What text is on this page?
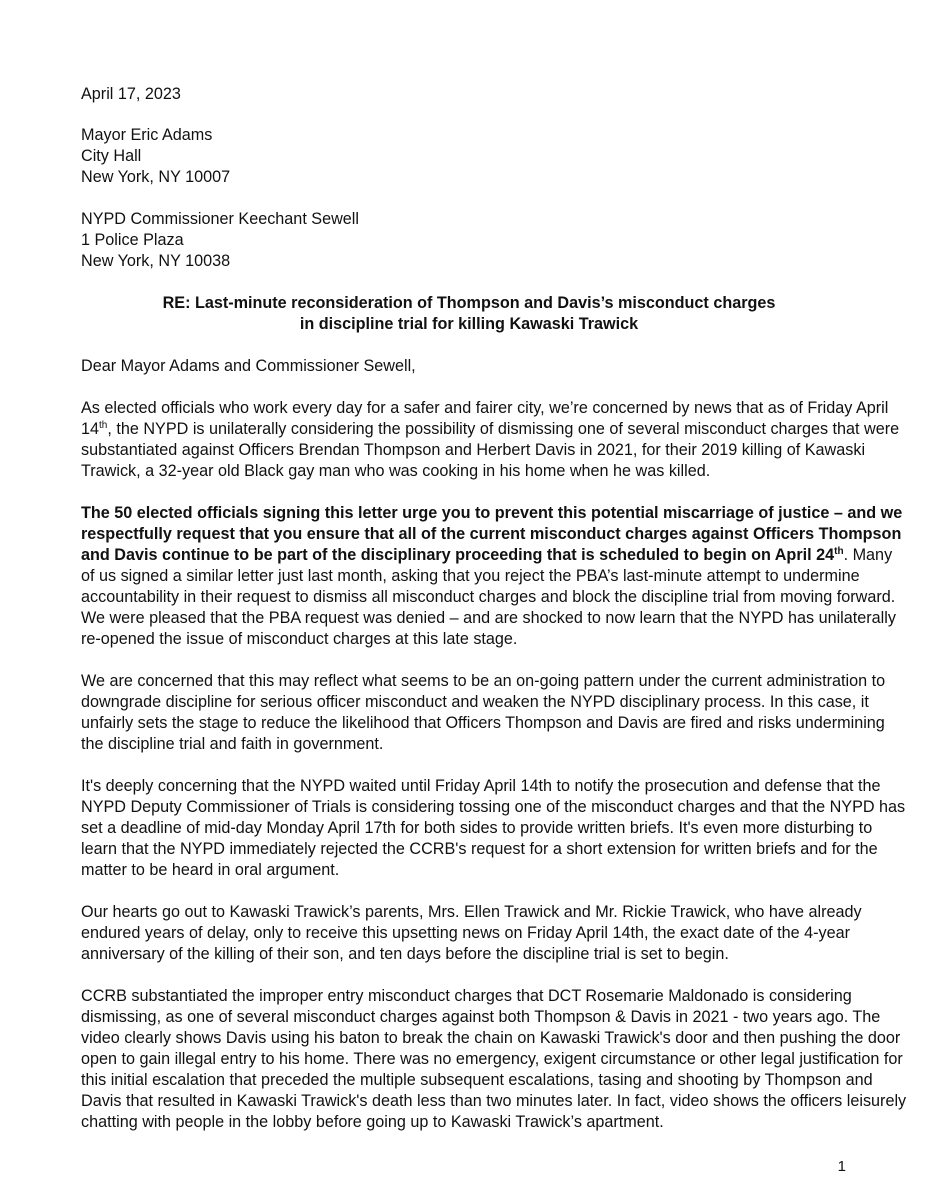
April 17, 2023
Mayor Eric Adams
City Hall
New York, NY 10007
NYPD Commissioner Keechant Sewell
1 Police Plaza
New York, NY 10038
RE: Last-minute reconsideration of Thompson and Davis’s misconduct charges
in discipline trial for killing Kawaski Trawick
Dear Mayor Adams and Commissioner Sewell,
As elected officials who work every day for a safer and fairer city, we’re concerned by news that as of Friday April
14th, the NYPD is unilaterally considering the possibility of dismissing one of several misconduct charges that were
substantiated against Officers Brendan Thompson and Herbert Davis in 2021, for their 2019 killing of Kawaski
Trawick, a 32-year old Black gay man who was cooking in his home when he was killed.
The 50 elected officials signing this letter urge you to prevent this potential miscarriage of justice – and we
respectfully request that you ensure that all of the current misconduct charges against Officers Thompson
and Davis continue to be part of the disciplinary proceeding that is scheduled to begin on April 24th. Many
of us signed a similar letter just last month, asking that you reject the PBA’s last-minute attempt to undermine
accountability in their request to dismiss all misconduct charges and block the discipline trial from moving forward.
We were pleased that the PBA request was denied – and are shocked to now learn that the NYPD has unilaterally
re-opened the issue of misconduct charges at this late stage.
We are concerned that this may reflect what seems to be an on-going pattern under the current administration to
downgrade discipline for serious officer misconduct and weaken the NYPD disciplinary process. In this case, it
unfairly sets the stage to reduce the likelihood that Officers Thompson and Davis are fired and risks undermining
the discipline trial and faith in government.
It's deeply concerning that the NYPD waited until Friday April 14th to notify the prosecution and defense that the
NYPD Deputy Commissioner of Trials is considering tossing one of the misconduct charges and that the NYPD has
set a deadline of mid-day Monday April 17th for both sides to provide written briefs. It's even more disturbing to
learn that the NYPD immediately rejected the CCRB's request for a short extension for written briefs and for the
matter to be heard in oral argument.
Our hearts go out to Kawaski Trawick’s parents, Mrs. Ellen Trawick and Mr. Rickie Trawick, who have already
endured years of delay, only to receive this upsetting news on Friday April 14th, the exact date of the 4-year
anniversary of the killing of their son, and ten days before the discipline trial is set to begin.
CCRB substantiated the improper entry misconduct charges that DCT Rosemarie Maldonado is considering
dismissing, as one of several misconduct charges against both Thompson & Davis in 2021 - two years ago. The
video clearly shows Davis using his baton to break the chain on Kawaski Trawick's door and then pushing the door
open to gain illegal entry to his home. There was no emergency, exigent circumstance or other legal justification for
this initial escalation that preceded the multiple subsequent escalations, tasing and shooting by Thompson and
Davis that resulted in Kawaski Trawick's death less than two minutes later. In fact, video shows the officers leisurely
chatting with people in the lobby before going up to Kawaski Trawick’s apartment.
1
